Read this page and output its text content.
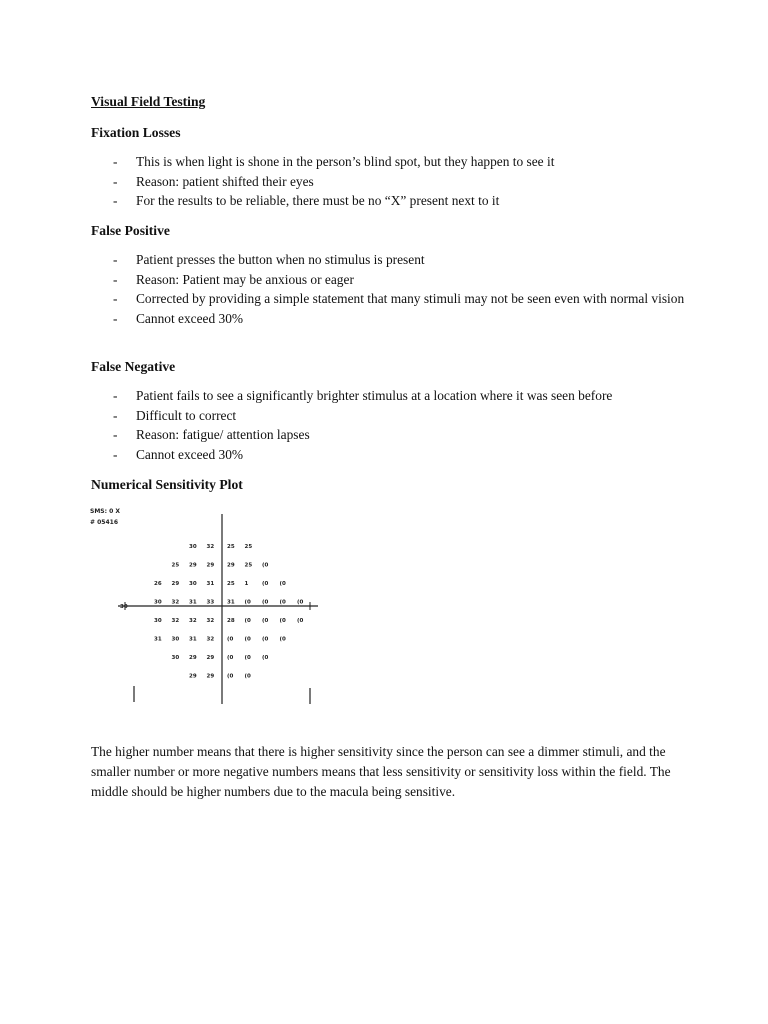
Visual Field Testing
Fixation Losses
- This is when light is shone in the person’s blind spot, but they happen to see it
- Reason: patient shifted their eyes
- For the results to be reliable, there must be no “X” present next to it
False Positive
- Patient presses the button when no stimulus is present
- Reason: Patient may be anxious or eager
- Corrected by providing a simple statement that many stimuli may not be seen even with normal vision
- Cannot exceed 30%
False Negative
- Patient fails to see a significantly brighter stimulus at a location where it was seen before
- Difficult to correct
- Reason: fatigue/ attention lapses
- Cannot exceed 30%
Numerical Sensitivity Plot
SMS: 0 X
# 05416
30
30 32 25 25
25 29 29 29 25 (0
26 29 30 31 25 1 (0 (0
30 32 31 33 31 (0 (0 (0 (0
30 32 32 32 28 (0 (0 (0 (0
31 30 31 32 (0 (0 (0 (0
30 29 29 (0 (0 (0
29 29 (0 (0

The higher number means that there is higher sensitivity since the person can see a dimmer stimuli, and the smaller number or more negative numbers means that less sensitivity or sensitivity loss within the field. The middle should be higher numbers due to the macula being sensitive.
